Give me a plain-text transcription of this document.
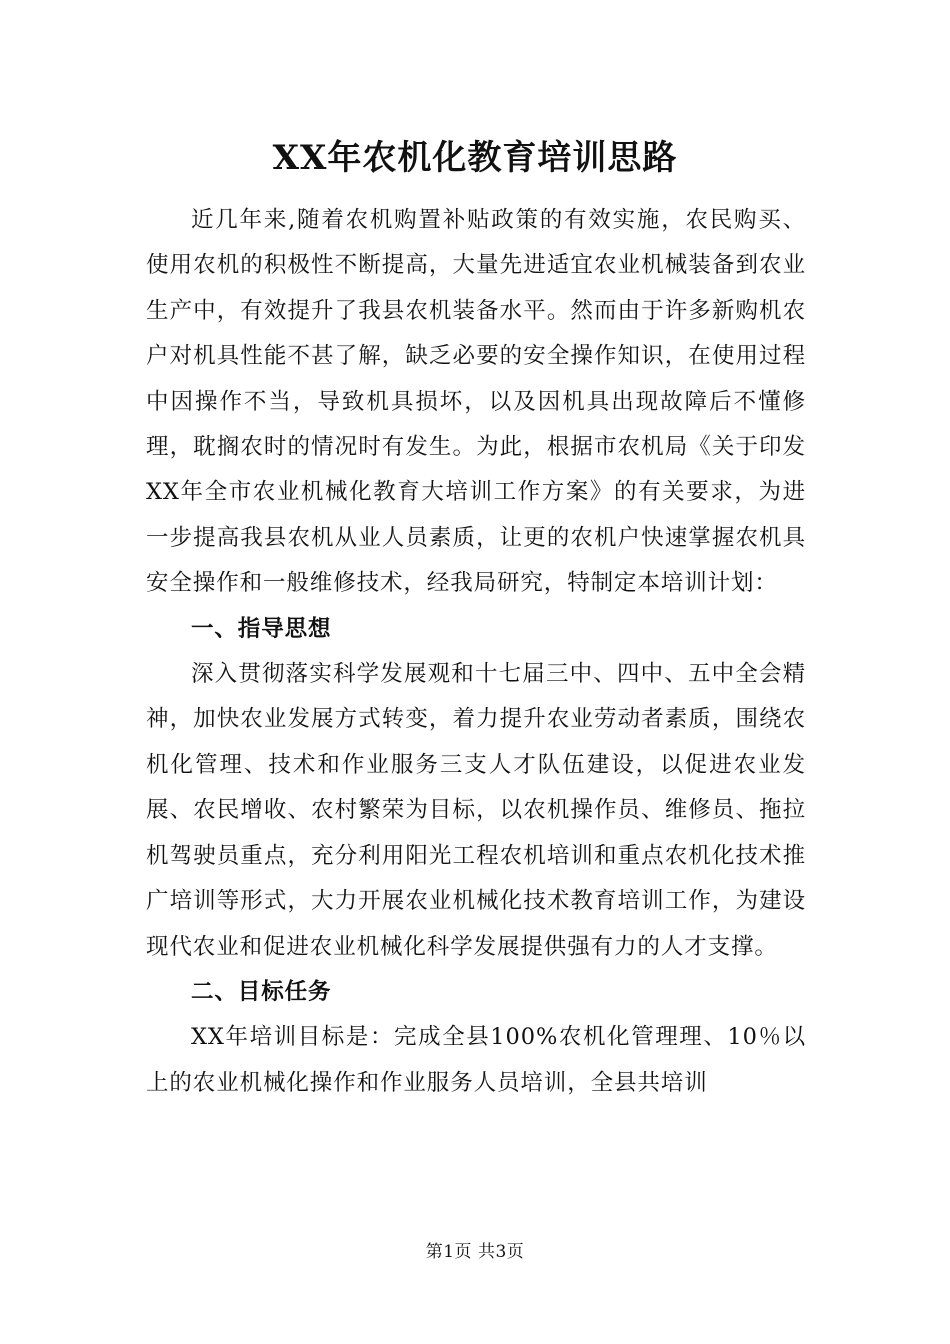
XX年农机化教育培训思路

近几年来,随着农机购置补贴政策的有效实施，农民购买、使用农机的积极性不断提高，大量先进适宜农业机械装备到农业生产中，有效提升了我县农机装备水平。然而由于许多新购机农户对机具性能不甚了解，缺乏必要的安全操作知识，在使用过程中因操作不当，导致机具损坏，以及因机具出现故障后不懂修理，耽搁农时的情况时有发生。为此，根据市农机局《关于印发XX年全市农业机械化教育大培训工作方案》的有关要求，为进一步提高我县农机从业人员素质，让更的农机户快速掌握农机具安全操作和一般维修技术，经我局研究，特制定本培训计划：

一、指导思想

深入贯彻落实科学发展观和十七届三中、四中、五中全会精神，加快农业发展方式转变，着力提升农业劳动者素质，围绕农机化管理、技术和作业服务三支人才队伍建设，以促进农业发展、农民增收、农村繁荣为目标，以农机操作员、维修员、拖拉机驾驶员重点，充分利用阳光工程农机培训和重点农机化技术推广培训等形式，大力开展农业机械化技术教育培训工作，为建设现代农业和促进农业机械化科学发展提供强有力的人才支撑。

二、目标任务

XX年培训目标是：完成全县100%农机化管理理、10％以上的农业机械化操作和作业服务人员培训，全县共培训

第1页 共3页
